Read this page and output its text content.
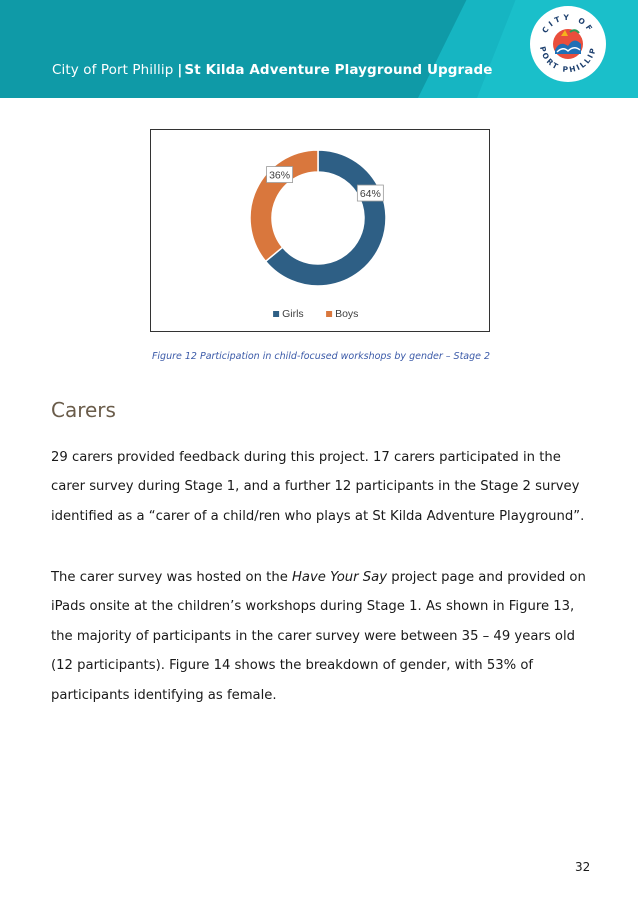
City of Port Phillip | St Kilda Adventure Playground Upgrade
CITY OF
PORT PHILLIP
64%
36%
Girls	Boys
Figure 12 Participation in child-focused workshops by gender – Stage 2
Carers

29 carers provided feedback during this project. 17 carers participated in the carer survey during Stage 1, and a further 12 participants in the Stage 2 survey identified as a “carer of a child/ren who plays at St Kilda Adventure Playground”.

The carer survey was hosted on the Have Your Say project page and provided on iPads onsite at the children’s workshops during Stage 1. As shown in Figure 13, the majority of participants in the carer survey were between 35 – 49 years old (12 participants). Figure 14 shows the breakdown of gender, with 53% of participants identifying as female.

32
